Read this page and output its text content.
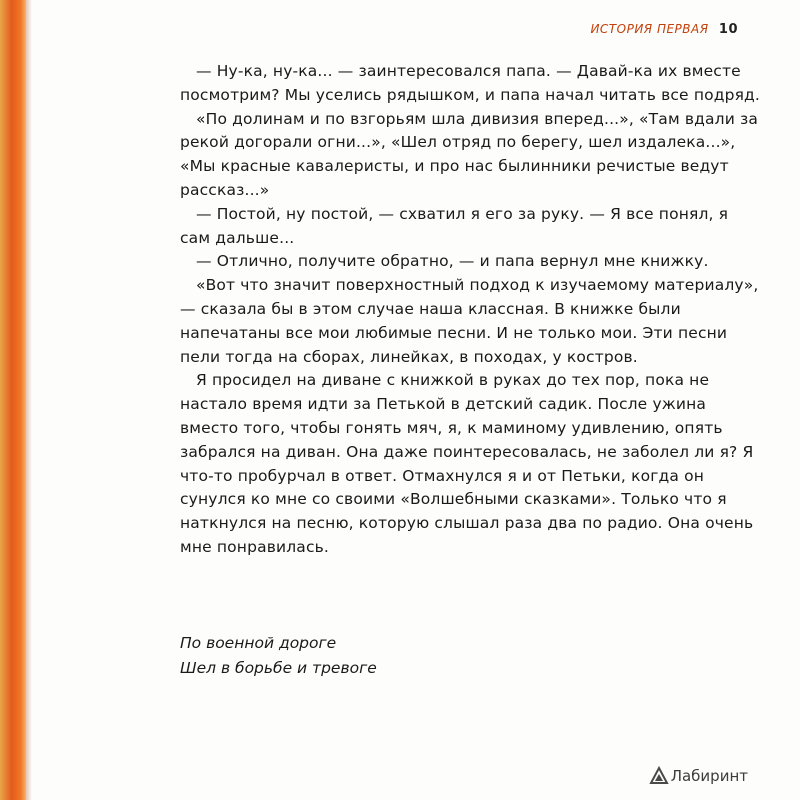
ИСТОРИЯ ПЕРВАЯ 10

— Ну-ка, ну-ка... — заинтересовался папа. — Давай-ка их вместе посмотрим? Мы уселись рядышком, и папа начал читать все подряд.

«По долинам и по взгорьям шла дивизия вперед...», «Там вдали за рекой догорали огни...», «Шел отряд по берегу, шел издалека...», «Мы красные кавалеристы, и про нас былинники речистые ведут рассказ...»

— Постой, ну постой, — схватил я его за руку. — Я все понял, я сам дальше...

— Отлично, получите обратно, — и папа вернул мне книжку.

«Вот что значит поверхностный подход к изучаемому материалу», — сказала бы в этом случае наша классная. В книжке были напечатаны все мои любимые песни. И не только мои. Эти песни пели тогда на сборах, линейках, в походах, у костров.

Я просидел на диване с книжкой в руках до тех пор, пока не настало время идти за Петькой в детский садик. После ужина вместо того, чтобы гонять мяч, я, к маминому удивлению, опять забрался на диван. Она даже поинтересовалась, не заболел ли я? Я что-то пробурчал в ответ. Отмахнулся я и от Петьки, когда он сунулся ко мне со своими «Волшебными сказками». Только что я наткнулся на песню, которую слышал раза два по радио. Она очень мне понравилась.

По военной дороге
Шел в борьбе и тревоге
Лабиринт
